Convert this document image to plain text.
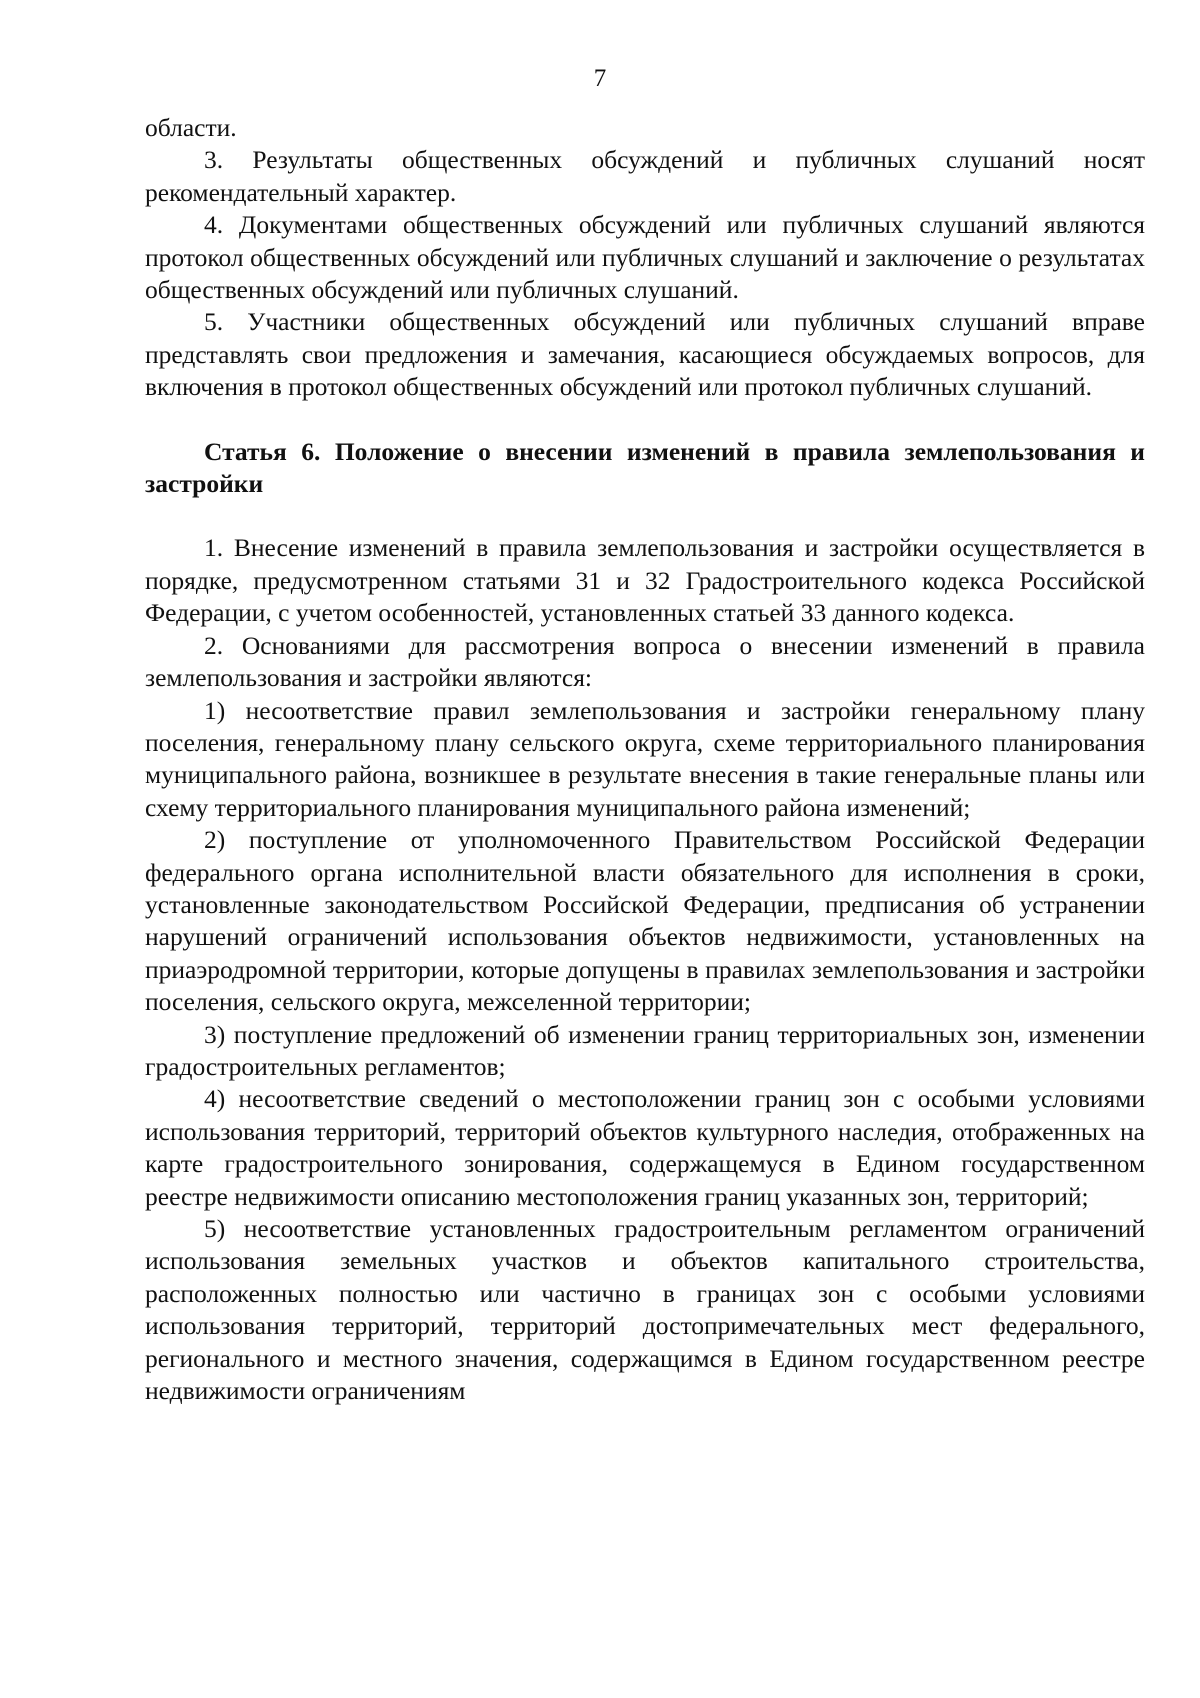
7

области.

3. Результаты общественных обсуждений и публичных слушаний носят рекомендательный характер.

4. Документами общественных обсуждений или публичных слушаний являются протокол общественных обсуждений или публичных слушаний и заключение о результатах общественных обсуждений или публичных слушаний.

5. Участники общественных обсуждений или публичных слушаний вправе представлять свои предложения и замечания, касающиеся обсуждаемых вопросов, для включения в протокол общественных обсуждений или протокол публичных слушаний.

Статья 6. Положение о внесении изменений в правила землепользования и застройки

1. Внесение изменений в правила землепользования и застройки осуществляется в порядке, предусмотренном статьями 31 и 32 Градостроительного кодекса Российской Федерации, с учетом особенностей, установленных статьей 33 данного кодекса.

2. Основаниями для рассмотрения вопроса о внесении изменений в правила землепользования и застройки являются:

1) несоответствие правил землепользования и застройки генеральному плану поселения, генеральному плану сельского округа, схеме территориального планирования муниципального района, возникшее в результате внесения в такие генеральные планы или схему территориального планирования муниципального района изменений;

2) поступление от уполномоченного Правительством Российской Федерации федерального органа исполнительной власти обязательного для исполнения в сроки, установленные законодательством Российской Федерации, предписания об устранении нарушений ограничений использования объектов недвижимости, установленных на приаэродромной территории, которые допущены в правилах землепользования и застройки поселения, сельского округа, межселенной территории;

3) поступление предложений об изменении границ территориальных зон, изменении градостроительных регламентов;

4) несоответствие сведений о местоположении границ зон с особыми условиями использования территорий, территорий объектов культурного наследия, отображенных на карте градостроительного зонирования, содержащемуся в Едином государственном реестре недвижимости описанию местоположения границ указанных зон, территорий;

5) несоответствие установленных градостроительным регламентом ограничений использования земельных участков и объектов капитального строительства, расположенных полностью или частично в границах зон с особыми условиями использования территорий, территорий достопримечательных мест федерального, регионального и местного значения, содержащимся в Едином государственном реестре недвижимости ограничениям
